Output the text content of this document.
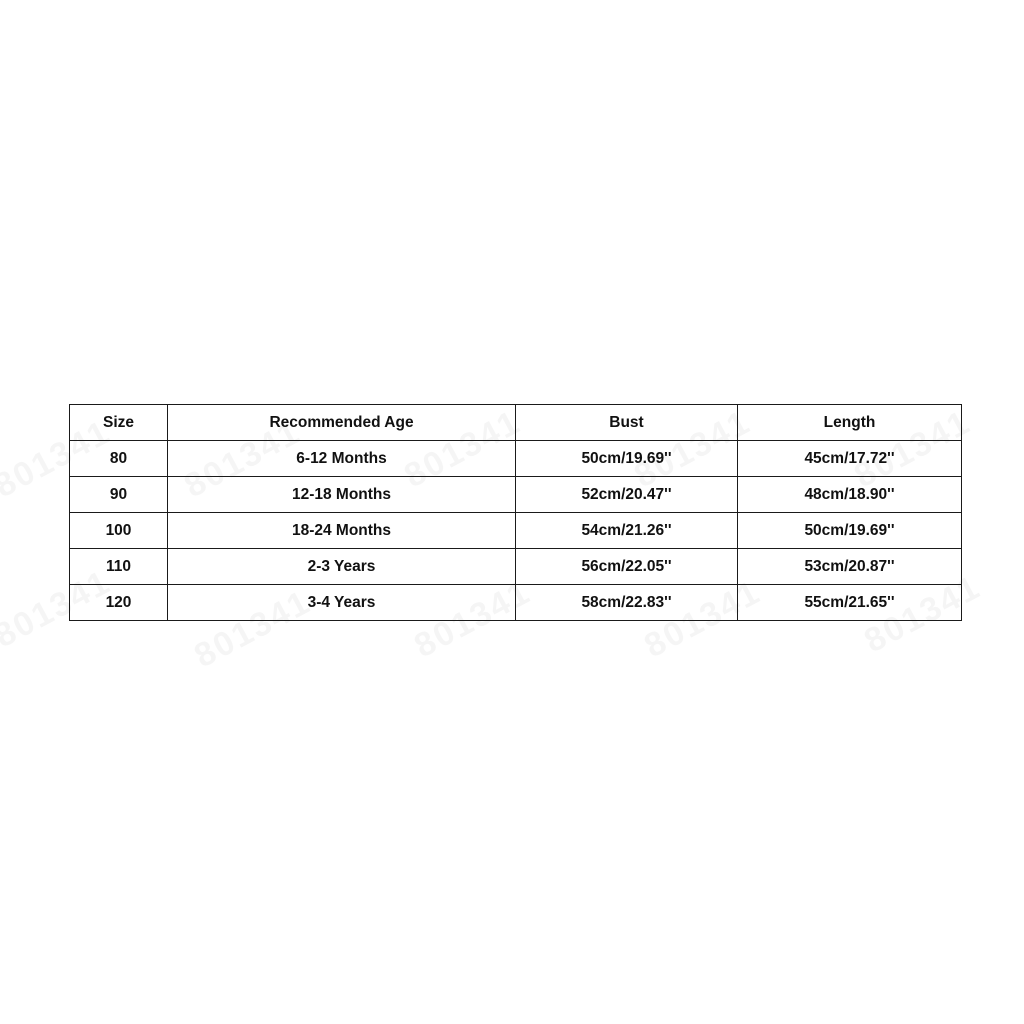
Size	Recommended Age	Bust	Length
80	6-12 Months	50cm/19.69''	45cm/17.72''
90	12-18 Months	52cm/20.47''	48cm/18.90''
100	18-24 Months	54cm/21.26''	50cm/19.69''
110	2-3 Years	56cm/22.05''	53cm/20.87''
120	3-4 Years	58cm/22.83''	55cm/21.65''
